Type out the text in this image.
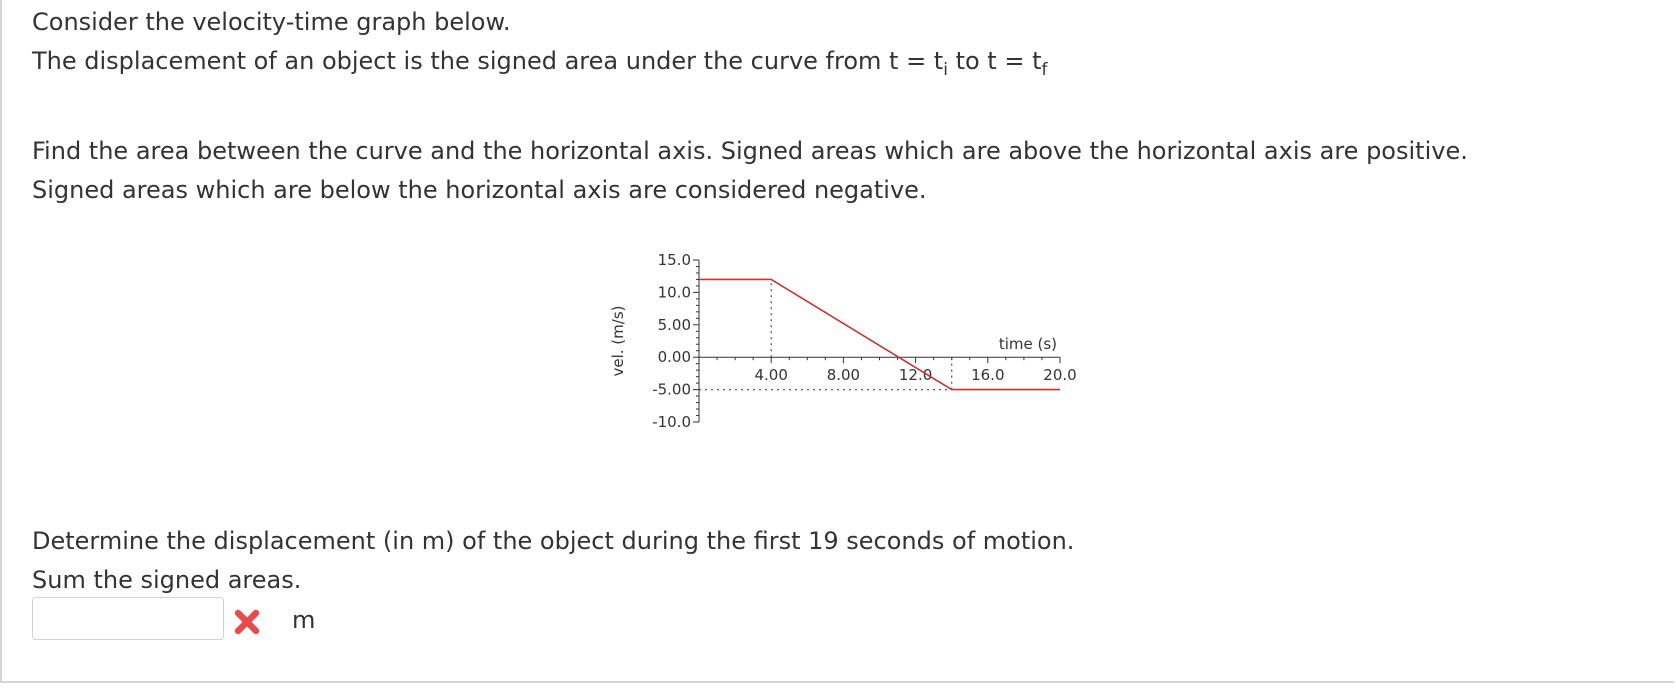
Consider the velocity-time graph below.
The displacement of an object is the signed area under the curve from $t = t_i$ to $t = t_f$
Find the area between the curve and the horizontal axis. Signed areas which are above the horizontal axis are positive.
Signed areas which are below the horizontal axis are considered negative.
15.0
10.0
5.00
0.00
-5.00
-10.0
4.00	8.00	12.0	16.0	20.0
time (s)
vel. (m/s)
Determine the displacement (in m) of the object during the first 19 seconds of motion.
Sum the signed areas.
m
